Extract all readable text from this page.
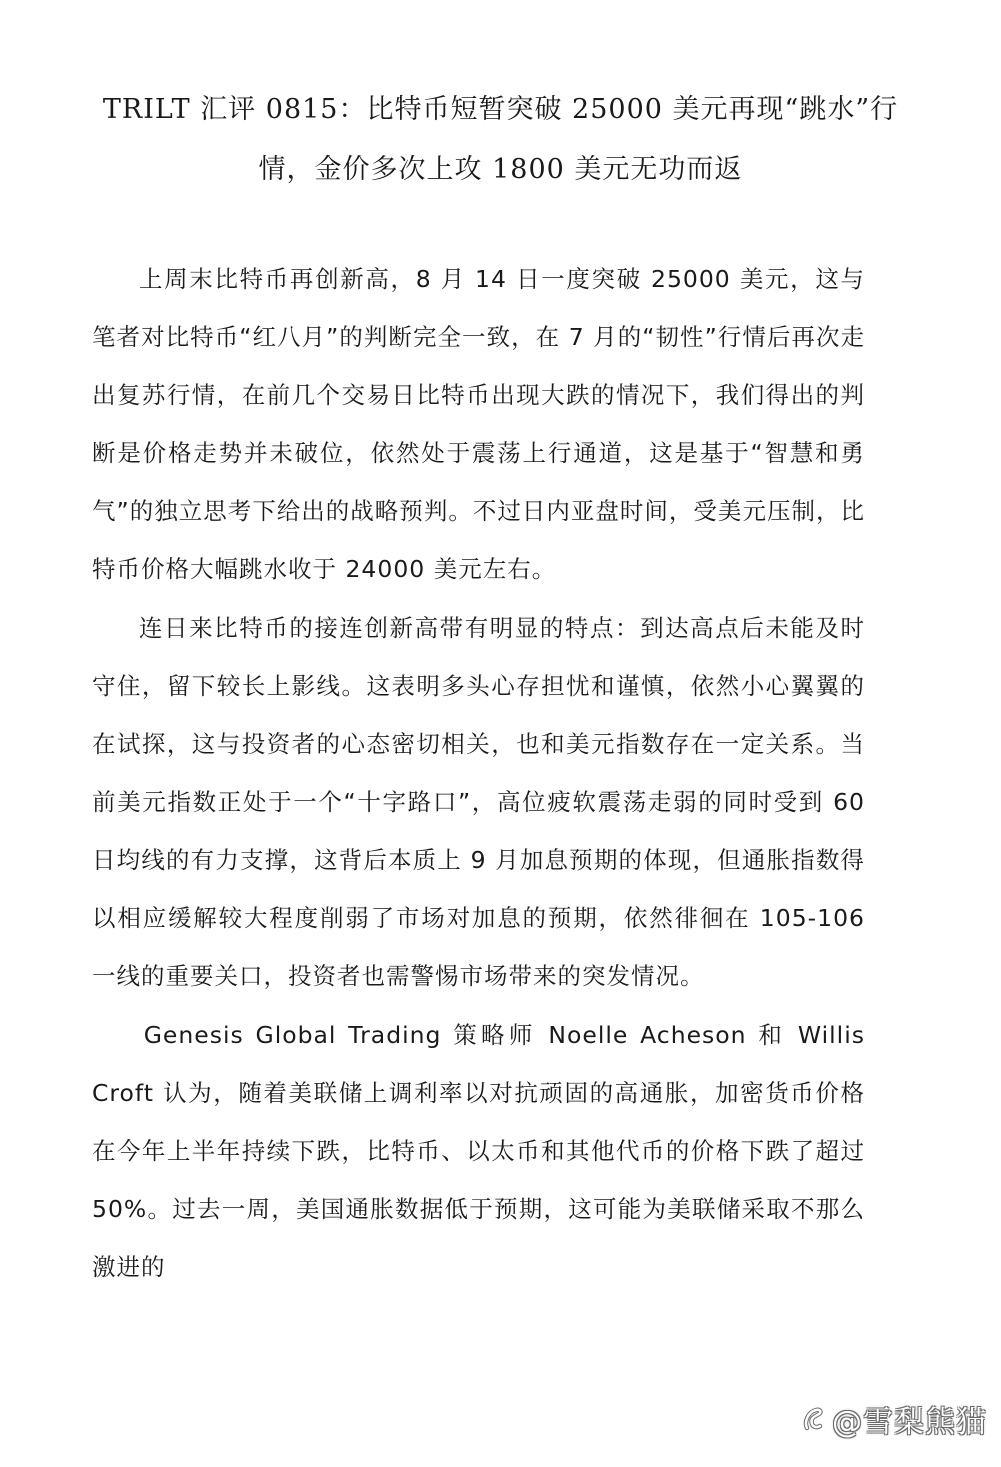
TRILT 汇评 0815：比特币短暂突破 25000 美元再现“跳水”行
情，金价多次上攻 1800 美元无功而返

上周末比特币再创新高，8 月 14 日一度突破 25000 美元，这与笔者对比特币“红八月”的判断完全一致，在 7 月的“韧性”行情后再次走出复苏行情，在前几个交易日比特币出现大跌的情况下，我们得出的判断是价格走势并未破位，依然处于震荡上行通道，这是基于“智慧和勇气”的独立思考下给出的战略预判。不过日内亚盘时间，受美元压制，比特币价格大幅跳水收于 24000 美元左右。

连日来比特币的接连创新高带有明显的特点：到达高点后未能及时守住，留下较长上影线。这表明多头心存担忧和谨慎，依然小心翼翼的在试探，这与投资者的心态密切相关，也和美元指数存在一定关系。当前美元指数正处于一个“十字路口”，高位疲软震荡走弱的同时受到 60 日均线的有力支撑，这背后本质上 9 月加息预期的体现，但通胀指数得以相应缓解较大程度削弱了市场对加息的预期，依然徘徊在 105-106 一线的重要关口，投资者也需警惕市场带来的突发情况。

Genesis Global Trading 策略师 Noelle Acheson 和 Willis Croft 认为，随着美联储上调利率以对抗顽固的高通胀，加密货币价格在今年上半年持续下跌，比特币、以太币和其他代币的价格下跌了超过 50%。过去一周，美国通胀数据低于预期，这可能为美联储采取不那么激进的

@雪梨熊猫
